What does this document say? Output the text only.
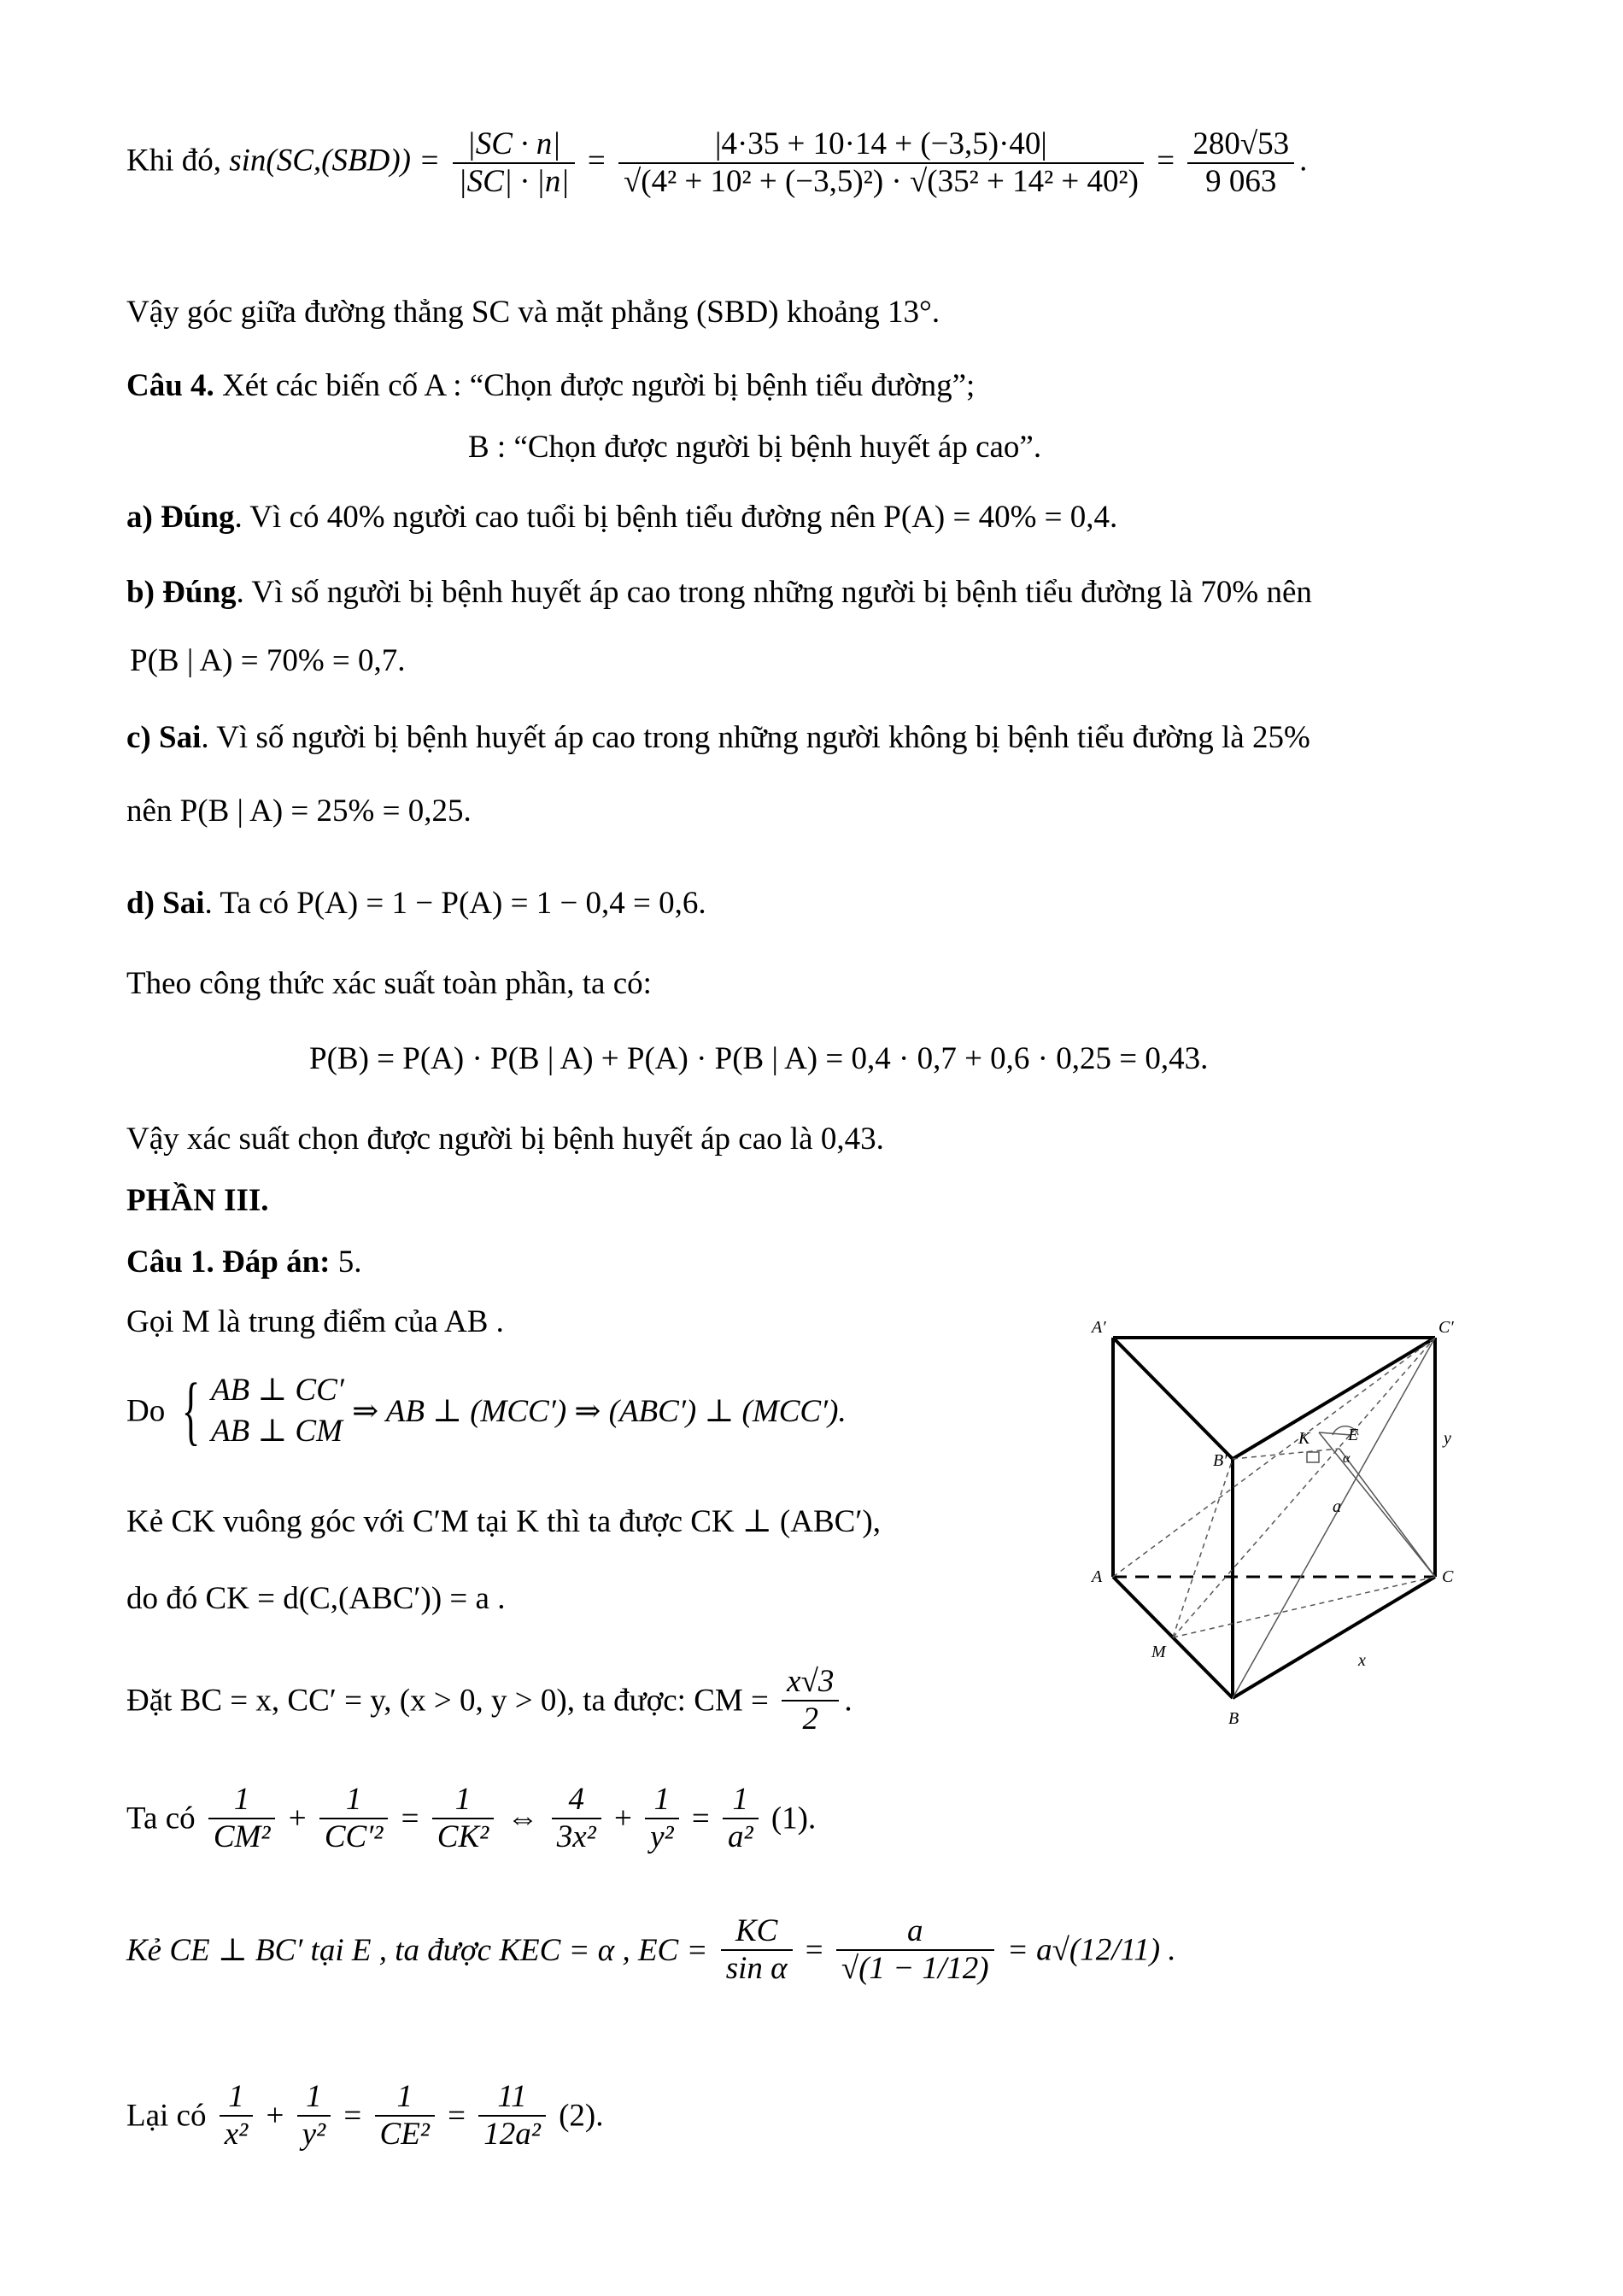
Khi đó, $\sin(SC,(SBD)) = \frac{|SC \cdot n|}{|SC| \cdot |n|} = \frac{|4\cdot 35 + 10\cdot 14 + (-3,5)\cdot 40|}{\text{√(4² + 10² + (−3,5)²) · √(35² + 14² + 40²)}} = \frac{280√53}{9 063}$ .
Vậy góc giữa đường thẳng SC và mặt phẳng (SBD) khoảng 13°.
Câu 4. Xét các biến cố A : “Chọn được người bị bệnh tiểu đường”;
B : “Chọn được người bị bệnh huyết áp cao”.
a) Đúng. Vì có 40% người cao tuổi bị bệnh tiểu đường nên P(A) = 40% = 0,4.
b) Đúng. Vì số người bị bệnh huyết áp cao trong những người bị bệnh tiểu đường là 70% nên
P(B | A) = 70% = 0,7.
c) Sai. Vì số người bị bệnh huyết áp cao trong những người không bị bệnh tiểu đường là 25%
nên P(B | A) = 25% = 0,25.
d) Sai. Ta có P(A) = 1 − P(A) = 1 − 0,4 = 0,6.
Theo công thức xác suất toàn phần, ta có:
P(B) = P(A) · P(B | A) + P(A) · P(B | A) = 0,4 · 0,7 + 0,6 · 0,25 = 0,43.
Vậy xác suất chọn được người bị bệnh huyết áp cao là 0,43.
PHẦN III.
Câu 1. Đáp án: 5.
Gọi M là trung điểm của AB .
Do { AB ⊥ CC′
AB ⊥ CM ⇒ AB ⊥ (MCC′) ⇒ (ABC′) ⊥ (MCC′).
Kẻ CK vuông góc với C′M tại K thì ta được CK ⊥ (ABC′),
do đó CK = d(C,(ABC′)) = a .
Đặt BC = x, CC′ = y, (x > 0, y > 0), ta được: CM = $\frac{x√3}{2}$ .
Ta có $\frac{1}{\text{CM²}} + \frac{1}{\text{CC′²}} = \frac{1}{\text{CK²}}$ ⇔ $\frac{4}{\text{3x²}} + \frac{1}{\text{y²}} = \frac{1}{\text{a²}} (1)$.
Kẻ CE ⊥ BC′ tại E , ta được KEC = α , EC = $\frac{KC}{\text{sin α}} = \frac{a}{√(1 - 1/12)} = a√(12/11)$ .
Lại có $\frac{1}{\text{x²}} + \frac{1}{\text{y²}} = \frac{1}{\text{CE²}} = \frac{11}{\text{12a²}} (2)$.
A′	C′
B′
A	C
B
M
K E
x
y
a
α
